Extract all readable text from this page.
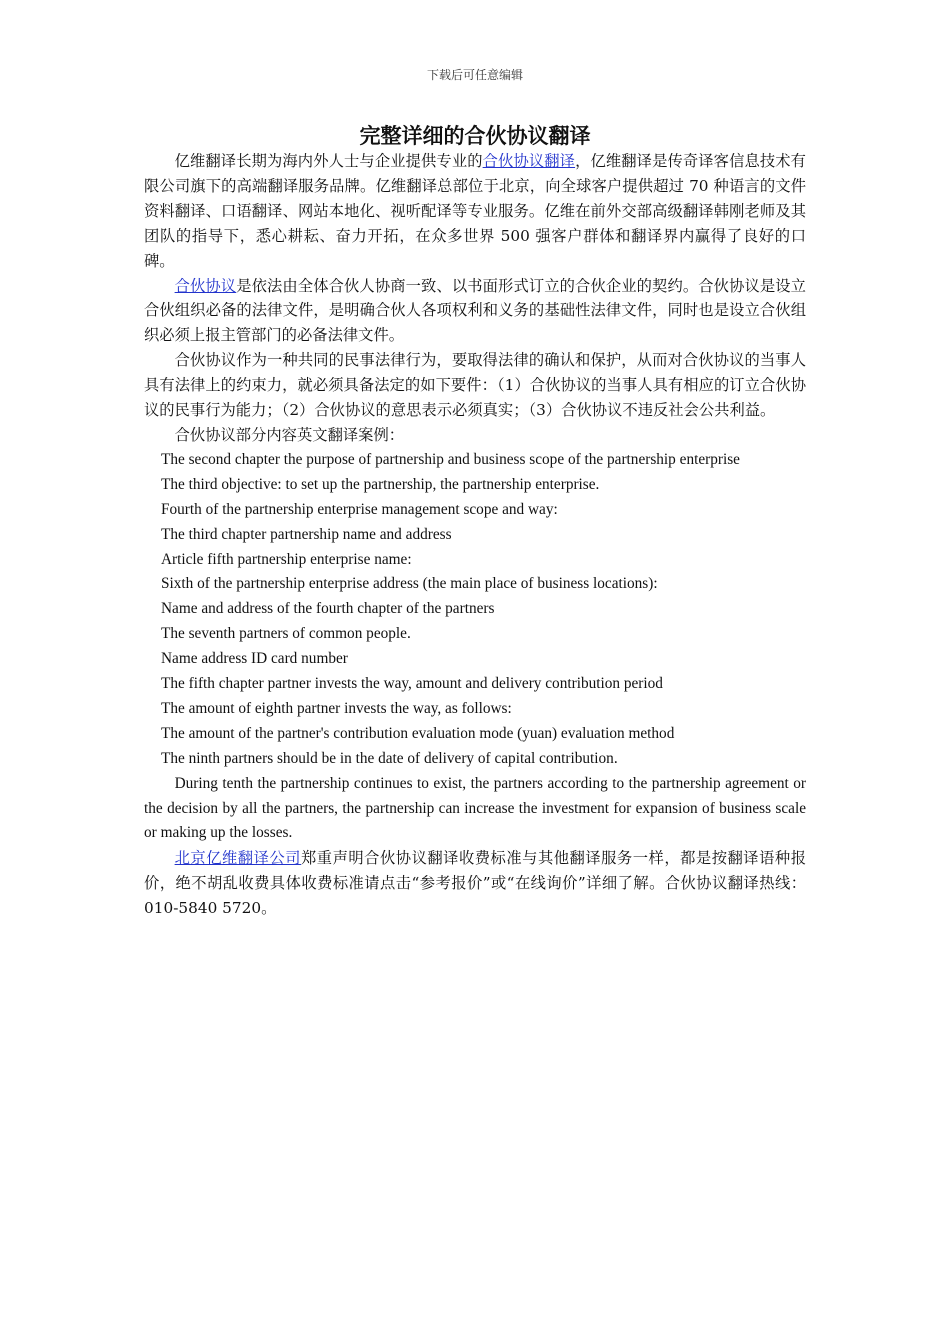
下载后可任意编辑
完整详细的合伙协议翻译

亿维翻译长期为海内外人士与企业提供专业的合伙协议翻译，亿维翻译是传奇译客信息技术有限公司旗下的高端翻译服务品牌。亿维翻译总部位于北京，向全球客户提供超过 70 种语言的文件资料翻译、口语翻译、网站本地化、视听配译等专业服务。亿维在前外交部高级翻译韩刚老师及其团队的指导下，悉心耕耘、奋力开拓，在众多世界 500 强客户群体和翻译界内赢得了良好的口碑。

合伙协议是依法由全体合伙人协商一致、以书面形式订立的合伙企业的契约。合伙协议是设立合伙组织必备的法律文件，是明确合伙人各项权利和义务的基础性法律文件，同时也是设立合伙组织必须上报主管部门的必备法律文件。

合伙协议作为一种共同的民事法律行为，要取得法律的确认和保护，从而对合伙协议的当事人具有法律上的约束力，就必须具备法定的如下要件：（1）合伙协议的当事人具有相应的订立合伙协议的民事行为能力；（2）合伙协议的意思表示必须真实；（3）合伙协议不违反社会公共利益。

合伙协议部分内容英文翻译案例：

The second chapter the purpose of partnership and business scope of the partnership enterprise

The third objective: to set up the partnership, the partnership enterprise.

Fourth of the partnership enterprise management scope and way:

The third chapter partnership name and address

Article fifth partnership enterprise name:

Sixth of the partnership enterprise address (the main place of business locations):

Name and address of the fourth chapter of the partners

The seventh partners of common people.

Name address ID card number

The fifth chapter partner invests the way, amount and delivery contribution period

The amount of eighth partner invests the way, as follows:

The amount of the partner's contribution evaluation mode (yuan) evaluation method

The ninth partners should be in the date of delivery of capital contribution.

During tenth the partnership continues to exist, the partners according to the partnership agreement or the decision by all the partners, the partnership can increase the investment for expansion of business scale or making up the losses.

北京亿维翻译公司郑重声明合伙协议翻译收费标准与其他翻译服务一样，都是按翻译语种报价，绝不胡乱收费具体收费标准请点击“参考报价”或“在线询价”详细了解。合伙协议翻译热线：010-5840 5720。
